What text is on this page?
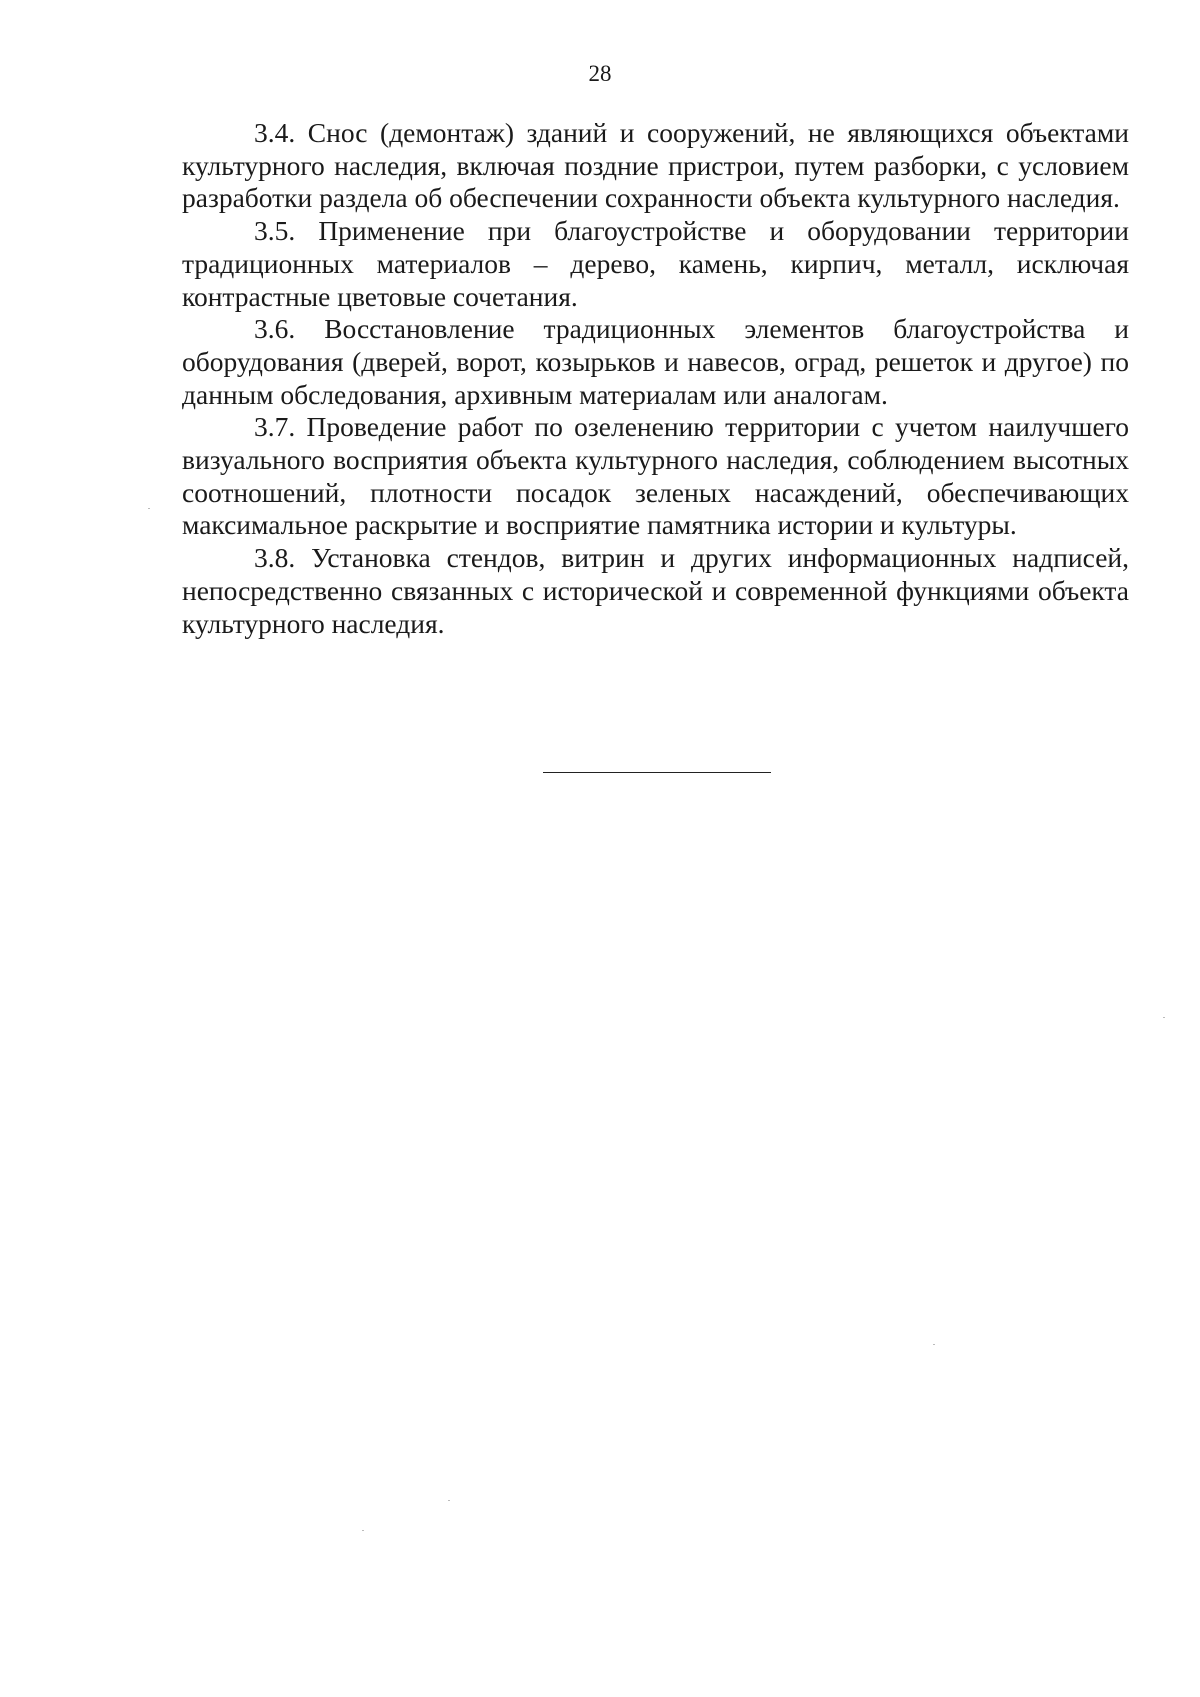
28

3.4. Снос (демонтаж) зданий и сооружений, не являющихся объектами культурного наследия, включая поздние пристрои, путем разборки, с условием разработки раздела об обеспечении сохранности объекта культурного наследия.

3.5. Применение при благоустройстве и оборудовании территории традиционных материалов – дерево, камень, кирпич, металл, исключая контрастные цветовые сочетания.

3.6. Восстановление традиционных элементов благоустройства и оборудования (дверей, ворот, козырьков и навесов, оград, решеток и другое) по данным обследования, архивным материалам или аналогам.

3.7. Проведение работ по озеленению территории с учетом наилучшего визуального восприятия объекта культурного наследия, соблюдением высотных соотношений, плотности посадок зеленых насаждений, обеспечивающих максимальное раскрытие и восприятие памятника истории и культуры.

3.8. Установка стендов, витрин и других информационных надписей, непосредственно связанных с исторической и современной функциями объекта культурного наследия.
